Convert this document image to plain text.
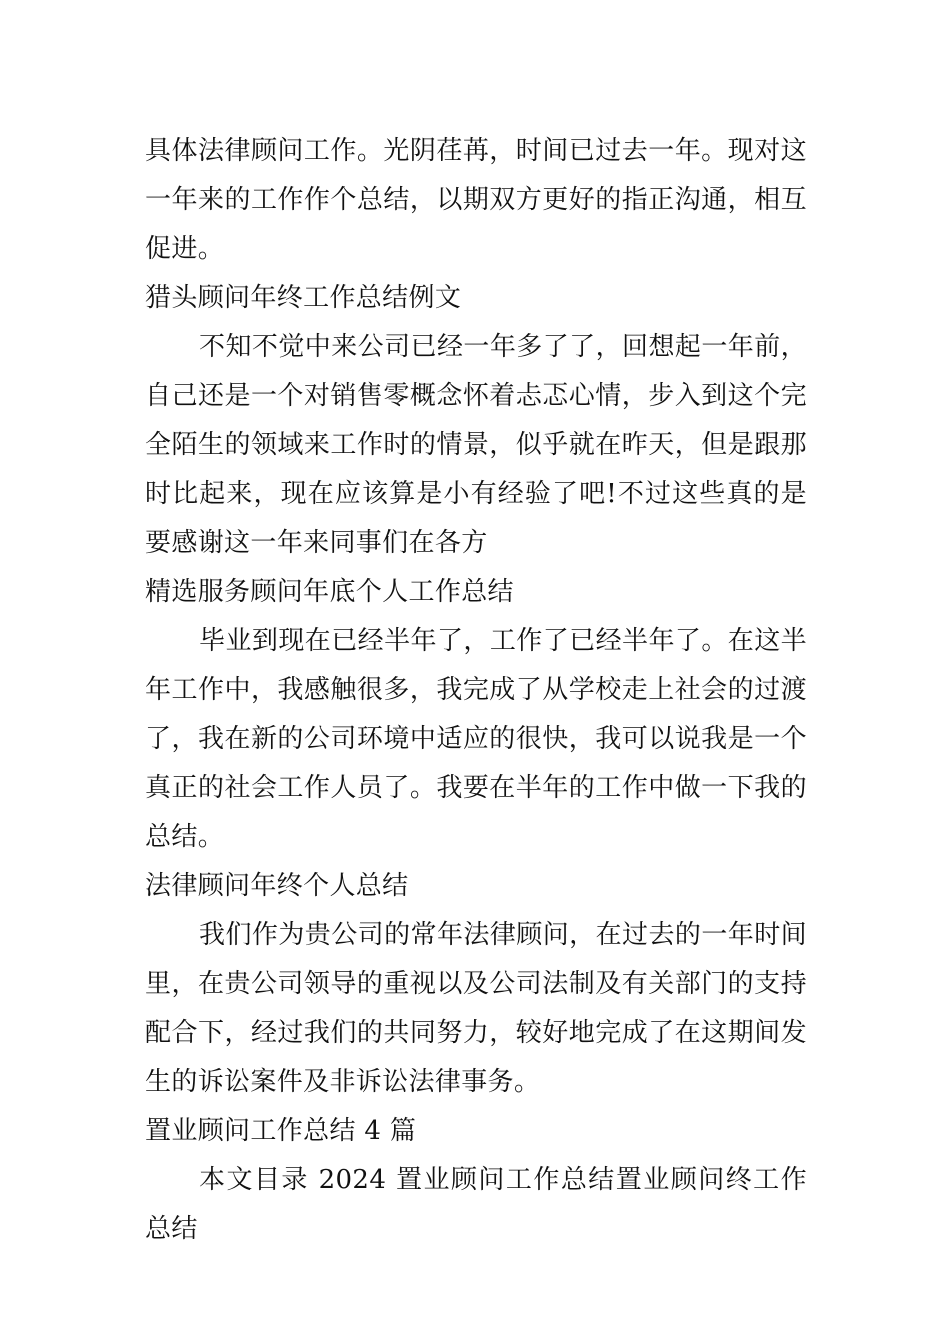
具体法律顾问工作。光阴荏苒，时间已过去一年。现对这一年来的工作作个总结，以期双方更好的指正沟通，相互促进。

猎头顾问年终工作总结例文

不知不觉中来公司已经一年多了了，回想起一年前，自己还是一个对销售零概念怀着忐忑心情，步入到这个完全陌生的领域来工作时的情景，似乎就在昨天，但是跟那时比起来，现在应该算是小有经验了吧!不过这些真的是要感谢这一年来同事们在各方

精选服务顾问年底个人工作总结

毕业到现在已经半年了，工作了已经半年了。在这半年工作中，我感触很多，我完成了从学校走上社会的过渡了，我在新的公司环境中适应的很快，我可以说我是一个真正的社会工作人员了。我要在半年的工作中做一下我的总结。

法律顾问年终个人总结

我们作为贵公司的常年法律顾问，在过去的一年时间里，在贵公司领导的重视以及公司法制及有关部门的支持配合下，经过我们的共同努力，较好地完成了在这期间发生的诉讼案件及非诉讼法律事务。

置业顾问工作总结 4 篇

本文目录 2024 置业顾问工作总结置业顾问终工作总结
